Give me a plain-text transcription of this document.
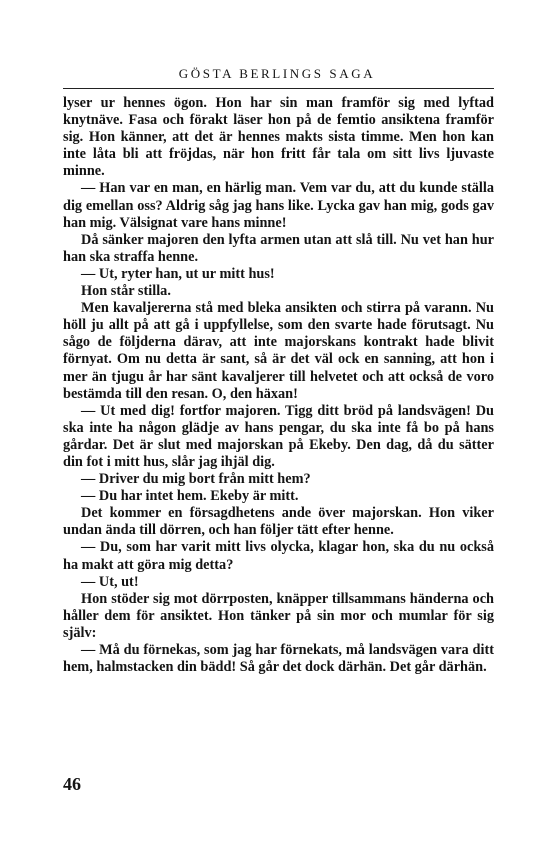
GÖSTA BERLINGS SAGA

lyser ur hennes ögon. Hon har sin man framför sig med lyftad knytnäve. Fasa och förakt läser hon på de femtio ansiktena framför sig. Hon känner, att det är hennes makts sista timme. Men hon kan inte låta bli att fröjdas, när hon fritt får tala om sitt livs ljuvaste minne.

— Han var en man, en härlig man. Vem var du, att du kunde ställa dig emellan oss? Aldrig såg jag hans like. Lycka gav han mig, gods gav han mig. Välsignat vare hans minne!

Då sänker majoren den lyfta armen utan att slå till. Nu vet han hur han ska straffa henne.

— Ut, ryter han, ut ur mitt hus!

Hon står stilla.

Men kavaljererna stå med bleka ansikten och stirra på varann. Nu höll ju allt på att gå i uppfyllelse, som den svarte hade förutsagt. Nu sågo de följderna därav, att inte majorskans kontrakt hade blivit förnyat. Om nu detta är sant, så är det väl ock en sanning, att hon i mer än tjugu år har sänt kavaljerer till helvetet och att också de voro bestämda till den resan. O, den häxan!

— Ut med dig! fortfor majoren. Tigg ditt bröd på landsvägen! Du ska inte ha någon glädje av hans pengar, du ska inte få bo på hans gårdar. Det är slut med majorskan på Ekeby. Den dag, då du sätter din fot i mitt hus, slår jag ihjäl dig.

— Driver du mig bort från mitt hem?

— Du har intet hem. Ekeby är mitt.

Det kommer en försagdhetens ande över majorskan. Hon viker undan ända till dörren, och han följer tätt efter henne.

— Du, som har varit mitt livs olycka, klagar hon, ska du nu också ha makt att göra mig detta?

— Ut, ut!

Hon stöder sig mot dörrposten, knäpper tillsammans händerna och håller dem för ansiktet. Hon tänker på sin mor och mumlar för sig själv:

— Må du förnekas, som jag har förnekats, må landsvägen vara ditt hem, halmstacken din bädd! Så går det dock därhän. Det går därhän.

46
